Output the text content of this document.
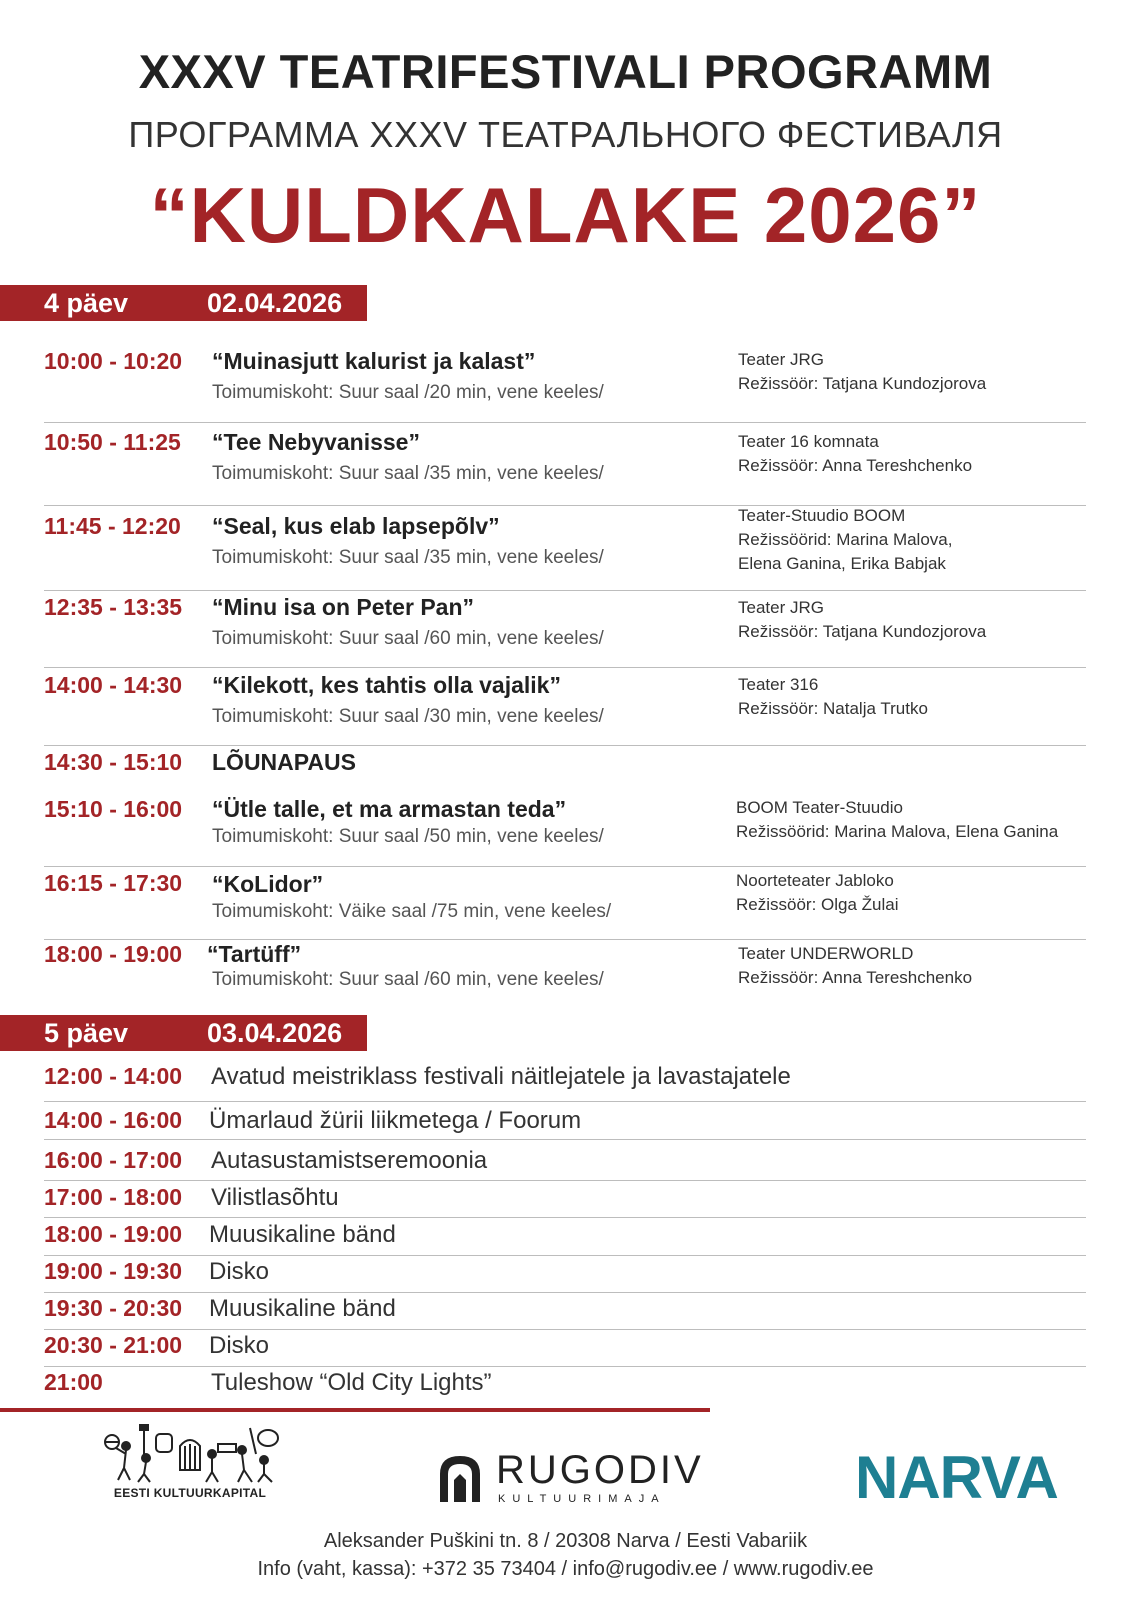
XXXV TEATRIFESTIVALI PROGRAMM
ПРОГРАММА XXXV ТЕАТРАЛЬНОГО ФЕСТИВАЛЯ
“KULDKALAKE 2026”
4 päev	02.04.2026
10:00 - 10:20 “Muinasjutt kalurist ja kalast”
Toimumiskoht: Suur saal /20 min, vene keeles/
Teater JRG
Režissöör: Tatjana Kundozjorova
10:50 - 11:25 “Tee Nebyvanisse”
Toimumiskoht: Suur saal /35 min, vene keeles/
Teater 16 komnata
Režissöör: Anna Tereshchenko
11:45 - 12:20 “Seal, kus elab lapsepõlv”
Toimumiskoht: Suur saal /35 min, vene keeles/
Teater-Stuudio BOOM
Režissöörid: Marina Malova,
Elena Ganina, Erika Babjak
12:35 - 13:35 “Minu isa on Peter Pan”
Toimumiskoht: Suur saal /60 min, vene keeles/
Teater JRG
Režissöör: Tatjana Kundozjorova
14:00 - 14:30 “Kilekott, kes tahtis olla vajalik”
Toimumiskoht: Suur saal /30 min, vene keeles/
Teater 316
Režissöör: Natalja Trutko
14:30 - 15:10 LÕUNAPAUS
15:10 - 16:00 “Ütle talle, et ma armastan teda”
Toimumiskoht: Suur saal /50 min, vene keeles/
BOOM Teater-Stuudio
Režissöörid: Marina Malova, Elena Ganina
16:15 - 17:30 “KoLidor”
Toimumiskoht: Väike saal /75 min, vene keeles/
Noorteteater Jabloko
Režissöör: Olga Žulai
18:00 - 19:00 “Tartüff”
Toimumiskoht: Suur saal /60 min, vene keeles/
Teater UNDERWORLD
Režissöör: Anna Tereshchenko
5 päev	03.04.2026
12:00 - 14:00 Avatud meistriklass festivali näitlejatele ja lavastajatele
14:00 - 16:00 Ümarlaud žürii liikmetega / Foorum
16:00 - 17:00 Autasustamistseremoonia
17:00 - 18:00 Vilistlasõhtu
18:00 - 19:00 Muusikaline bänd
19:00 - 19:30 Disko
19:30 - 20:30 Muusikaline bänd
20:30 - 21:00 Disko
21:00	Tuleshow “Old City Lights”
EESTI KULTUURKAPITAL
RUGODIV
KULTUURIMAJA	NARVA
Aleksander Puškini tn. 8 / 20308 Narva / Eesti Vabariik
Info (vaht, kassa): +372 35 73404 / info@rugodiv.ee / www.rugodiv.ee
